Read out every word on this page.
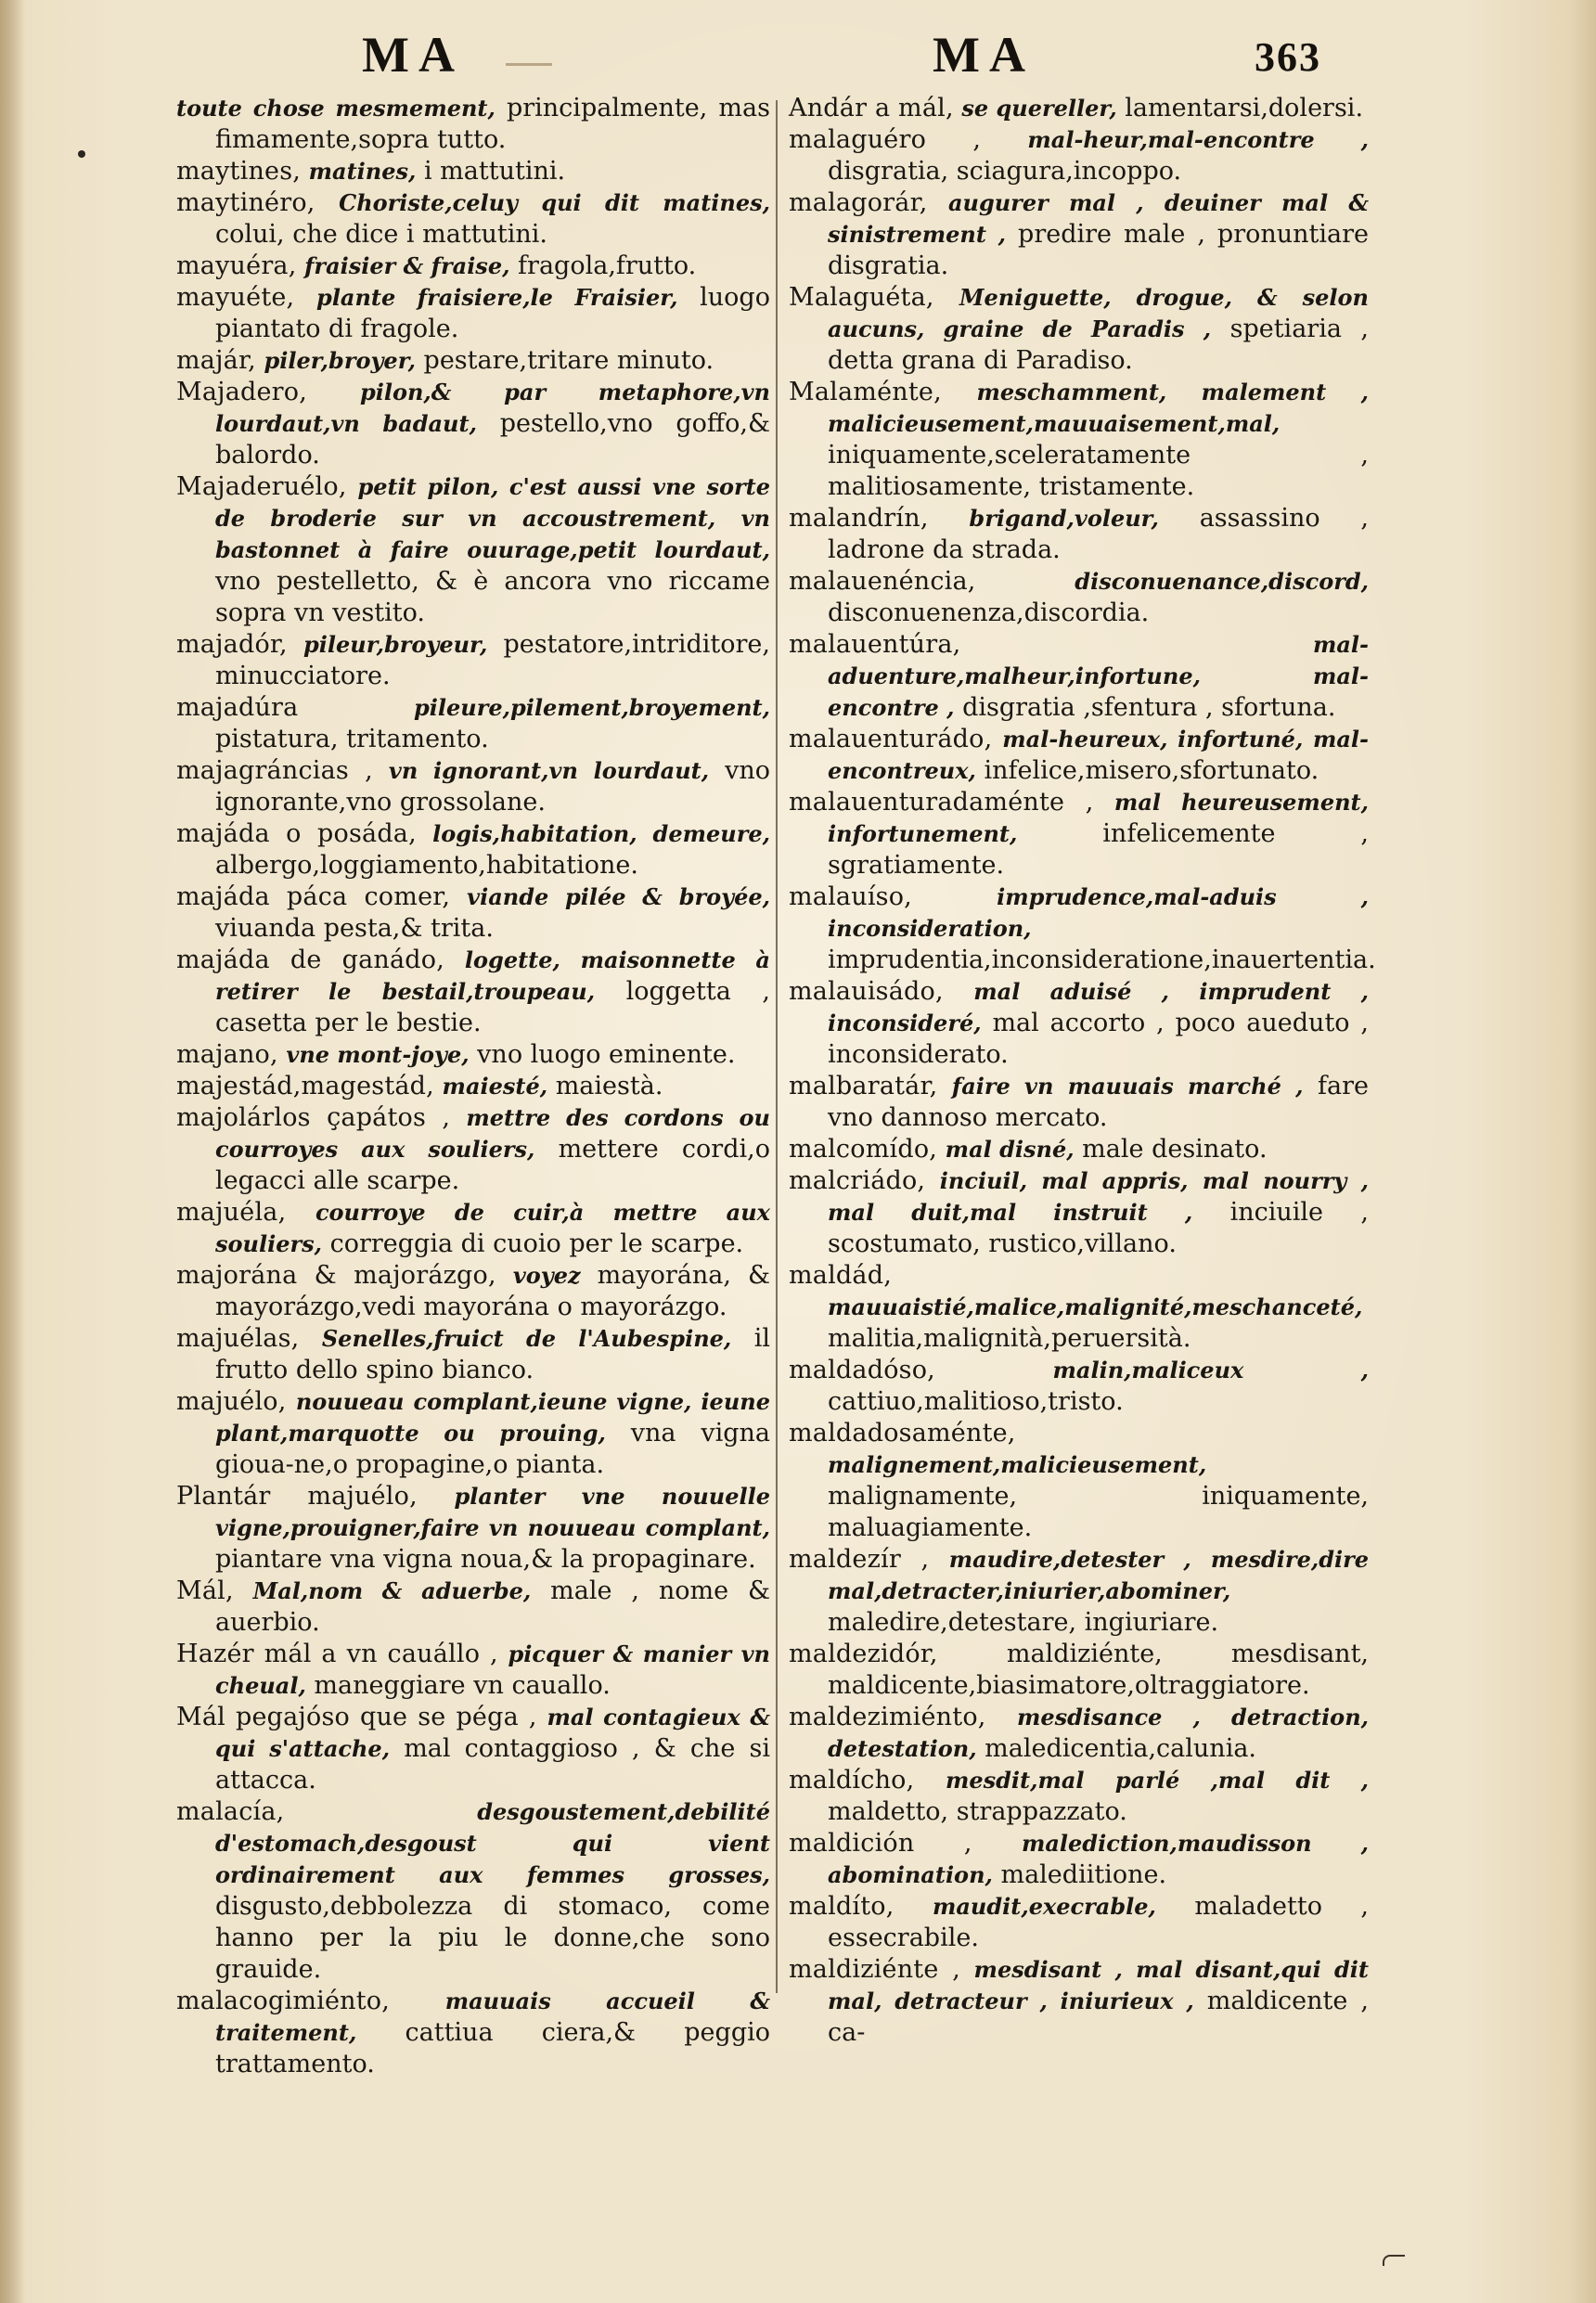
MA	MA	363
toute chose mesmement, principalmente, mas fimamente,sopra tutto.
maytines, matines, i mattutini.
maytinéro, Choriste,celuy qui dit matines, colui, che dice i mattutini.
mayuéra, fraisier & fraise, fragola,frutto.
mayuéte, plante fraisiere,le Fraisier, luogo piantato di fragole.
majár, piler,broyer, pestare,tritare minuto.
Majadero, pilon,& par metaphore,vn lourdaut,vn badaut, pestello,vno goffo,& balordo.
Majaderuélo, petit pilon, c'est aussi vne sorte de broderie sur vn accoustrement, vn bastonnet à faire ouurage,petit lourdaut, vno pestelletto, & è ancora vno riccame sopra vn vestito.
majadór, pileur,broyeur, pestatore,intriditore, minucciatore.
majadúra	pileure,pilement,broyement, pistatura, tritamento.
majagráncias , vn ignorant,vn lourdaut, vno ignorante,vno grossolane.
majáda o posáda, logis,habitation, demeure, albergo,loggiamento,habitatione.
majáda páca comer, viande pilée & broyée, viuanda pesta,& trita.
majáda de ganádo, logette, maisonnette à retirer le bestail,troupeau, loggetta , casetta per le bestie.
majano, vne mont-joye, vno luogo eminente.
majestád,magestád, maiesté, maiestà.
majolárlos çapátos , mettre des cordons ou courroyes aux souliers, mettere cordi,o legacci alle scarpe.
majuéla, courroye de cuir,à mettre aux souliers, correggia di cuoio per le scarpe.
majorána & majorázgo, voyez mayorána, & mayorázgo,vedi mayorána o mayorázgo.
majuélas, Senelles,fruict de l'Aubespine, il frutto dello spino bianco.
majuélo, nouueau complant,ieune vigne, ieune plant,marquotte ou prouing, vna vigna gioua-ne,o propagine,o pianta.
Plantár majuélo, planter vne nouuelle vigne,prouigner,faire vn nouueau complant, piantare vna vigna noua,& la propaginare.
Mál, Mal,nom & aduerbe, male , nome & auerbio.
Hazér mál a vn cauállo , picquer & manier vn cheual, maneggiare vn cauallo.
Mál pegajóso que se péga , mal contagieux & qui s'attache, mal contaggioso , & che si attacca.
malacía,	desgoustement,debilité d'estomach,desgoust qui vient ordinairement aux femmes grosses, disgusto,debbolezza di stomaco, come hanno per la piu le donne,che sono grauide.
malacogimiénto, mauuais accueil & traitement, cattiua ciera,& peggio trattamento.
Andár a mál, se quereller, lamentarsi,dolersi.
malaguéro , mal-heur,mal-encontre , disgratia, sciagura,incoppo.
malagorár, augurer mal , deuiner mal & sinistrement , predire male , pronuntiare disgratia.
Malaguéta, Meniguette, drogue, & selon aucuns, graine de Paradis , spetiaria , detta grana di Paradiso.
Malaménte, meschamment, malement , malicieusement,mauuaisement,mal, iniquamente,sceleratamente , malitiosamente, tristamente.
malandrín, brigand,voleur, assassino , ladrone da strada.
malauenéncia,	disconuenance,discord, disconuenenza,discordia.
malauentúra,	mal-aduenture,malheur,infortune, mal-encontre , disgratia ,sfentura , sfortuna.
malauenturádo, mal-heureux, infortuné, mal-encontreux, infelice,misero,sfortunato.
malauenturadaménte , mal heureusement, infortunement,	infelicemente , sgratiamente.
malauíso,	imprudence,mal-aduis , inconsideration, imprudentia,inconsideratione,inauertentia.
malauisádo, mal aduisé , imprudent , inconsideré, mal accorto , poco aueduto , inconsiderato.
malbaratár, faire vn mauuais marché , fare vno dannoso mercato.
malcomído, mal disné, male desinato.
malcriádo, inciuil, mal appris, mal nourry , mal duit,mal instruit , inciuile , scostumato, rustico,villano.
maldád, mauuaistié,malice,malignité,meschanceté, malitia,malignità,peruersità.
maldadóso,	malin,maliceux , cattiuo,malitioso,tristo.
maldadosaménte, malignement,malicieusement, malignamente, iniquamente, maluagiamente.
maldezír , maudire,detester , mesdire,dire mal,detracter,iniurier,abominer, maledire,detestare, ingiuriare.
maldezidór,	maldiziénte, mesdisant, maldicente,biasimatore,oltraggiatore.
maldezimiénto, mesdisance , detraction, detestation, maledicentia,calunia.
maldícho, mesdit,mal parlé ,mal dit , maldetto, strappazzato.
maldición , malediction,maudisson , abomination, malediitione.
maldíto, maudit,execrable, maladetto , essecrabile.
maldiziénte , mesdisant , mal disant,qui dit mal, detracteur , iniurieux , maldicente , ca-
